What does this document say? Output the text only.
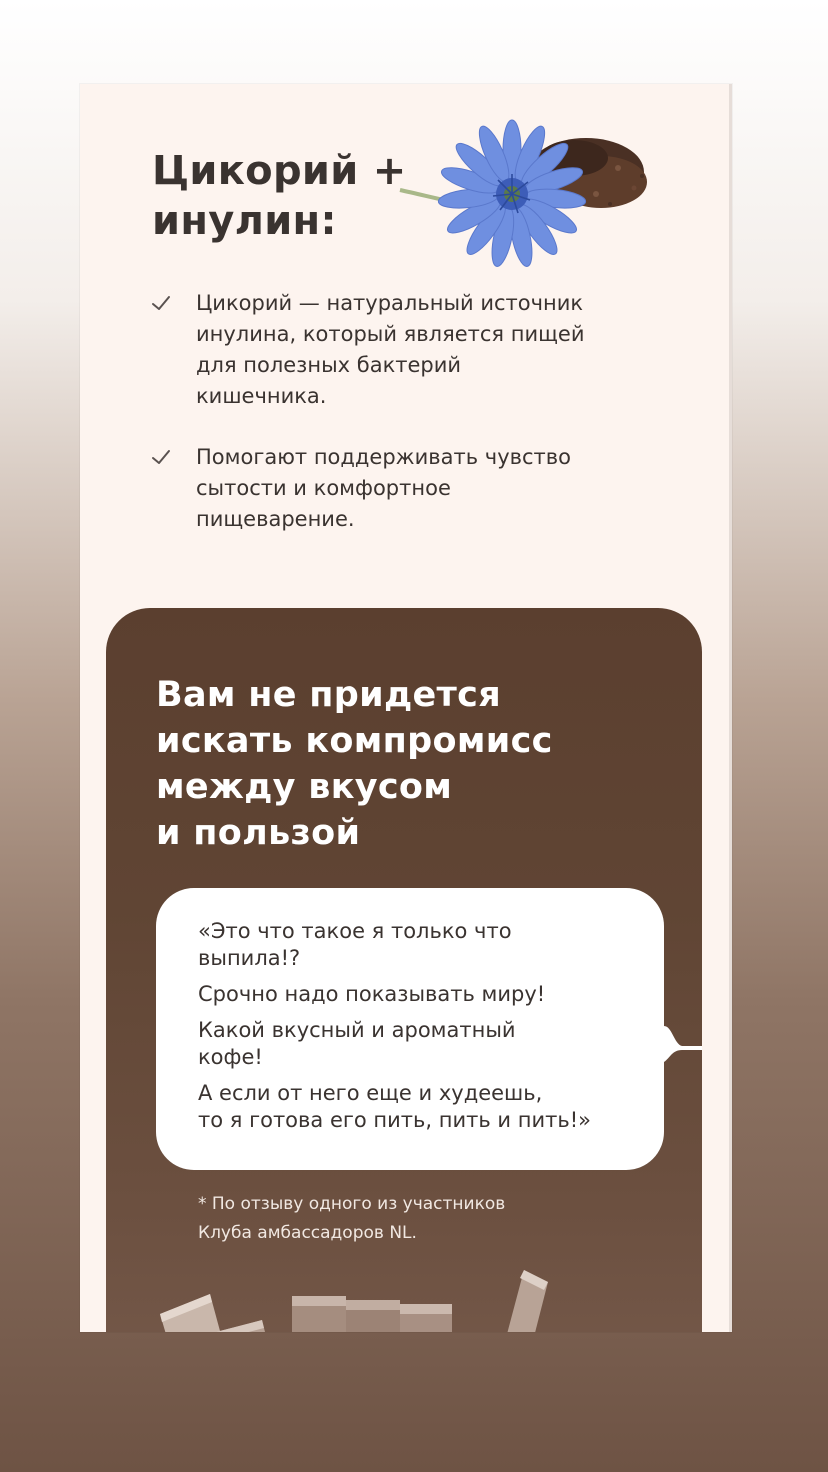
Цикорий +
инулин:
Цикорий — натуральный источник
инулина, который является пищей
для полезных бактерий
кишечника.
Помогают поддерживать чувство
сытости и комфортное
пищеварение.
Вам не придется
искать компромисс
между вкусом
и пользой

«Это что такое я только что
выпила!?

Срочно надо показывать миру!

Какой вкусный и ароматный
кофе!

А если от него еще и худеешь,
то я готова его пить, пить и пить!»

* По отзыву одного из участников
Клуба амбассадоров NL.
